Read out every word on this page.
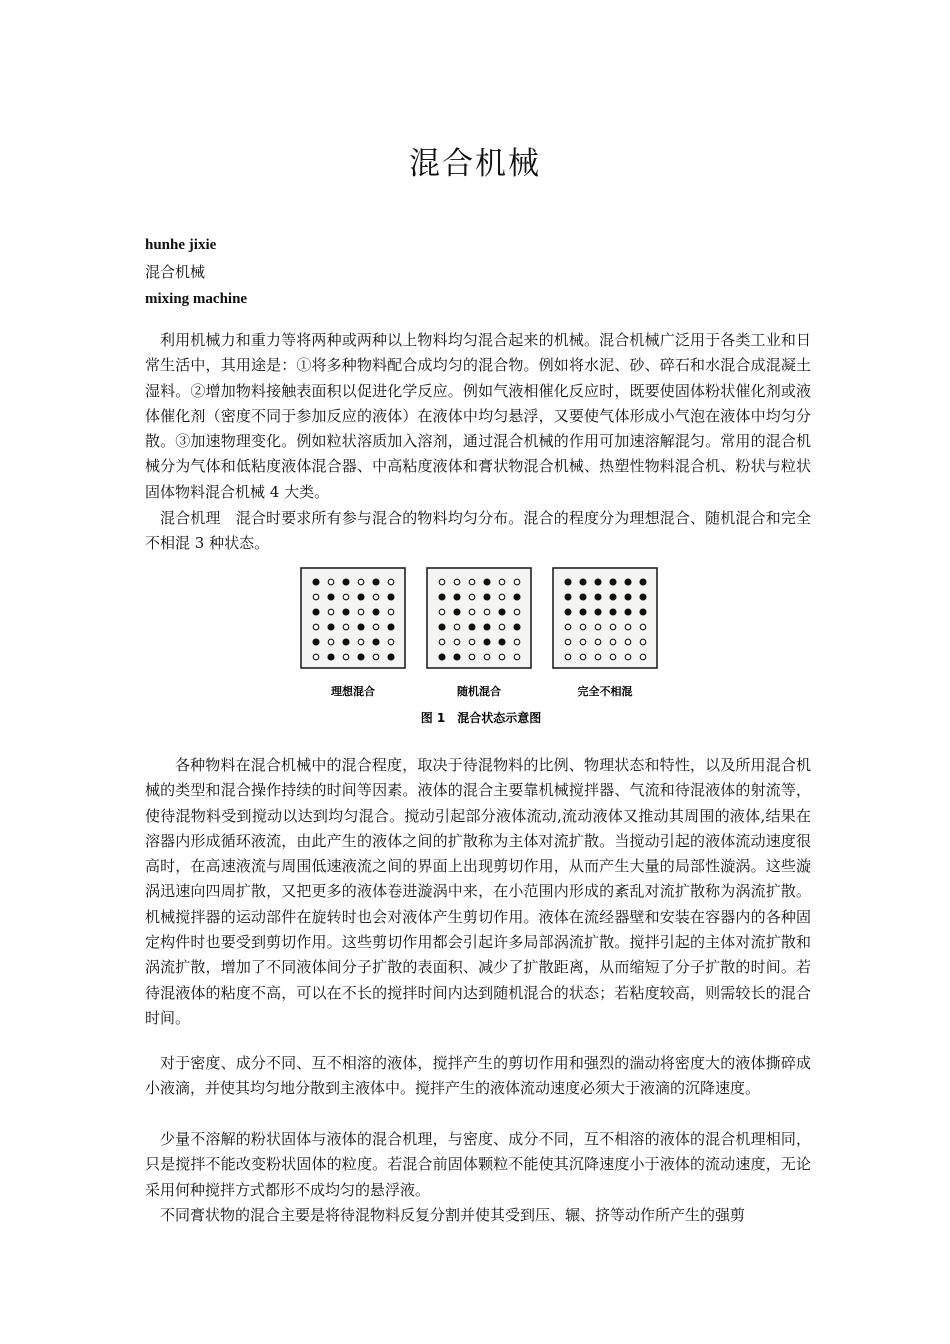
混合机械
hunhe jixie
混合机械
mixing machine

利用机械力和重力等将两种或两种以上物料均匀混合起来的机械。混合机械广泛用于各类工业和日常生活中，其用途是：①将多种物料配合成均匀的混合物。例如将水泥、砂、碎石和水混合成混凝土湿料。②增加物料接触表面积以促进化学反应。例如气液相催化反应时，既要使固体粉状催化剂或液体催化剂（密度不同于参加反应的液体）在液体中均匀悬浮，又要使气体形成小气泡在液体中均匀分散。③加速物理变化。例如粒状溶质加入溶剂，通过混合机械的作用可加速溶解混匀。常用的混合机械分为气体和低粘度液体混合器、中高粘度液体和膏状物混合机械、热塑性物料混合机、粉状与粒状固体物料混合机械 4 大类。

混合机理　混合时要求所有参与混合的物料均匀分布。混合的程度分为理想混合、随机混合和完全不相混 3 种状态。

理想混合	随机混合	完全不相混
图 1　混合状态示意图

各种物料在混合机械中的混合程度，取决于待混物料的比例、物理状态和特性，以及所用混合机械的类型和混合操作持续的时间等因素。液体的混合主要靠机械搅拌器、气流和待混液体的射流等，使待混物料受到搅动以达到均匀混合。搅动引起部分液体流动,流动液体又推动其周围的液体,结果在溶器内形成循环液流，由此产生的液体之间的扩散称为主体对流扩散。当搅动引起的液体流动速度很高时，在高速液流与周围低速液流之间的界面上出现剪切作用，从而产生大量的局部性漩涡。这些漩涡迅速向四周扩散，又把更多的液体卷进漩涡中来，在小范围内形成的紊乱对流扩散称为涡流扩散。机械搅拌器的运动部件在旋转时也会对液体产生剪切作用。液体在流经器壁和安装在容器内的各种固定构件时也要受到剪切作用。这些剪切作用都会引起许多局部涡流扩散。搅拌引起的主体对流扩散和涡流扩散，增加了不同液体间分子扩散的表面积、减少了扩散距离，从而缩短了分子扩散的时间。若待混液体的粘度不高，可以在不长的搅拌时间内达到随机混合的状态；若粘度较高，则需较长的混合时间。

对于密度、成分不同、互不相溶的液体，搅拌产生的剪切作用和强烈的湍动将密度大的液体撕碎成小液滴，并使其均匀地分散到主液体中。搅拌产生的液体流动速度必须大于液滴的沉降速度。

少量不溶解的粉状固体与液体的混合机理，与密度、成分不同，互不相溶的液体的混合机理相同，只是搅拌不能改变粉状固体的粒度。若混合前固体颗粒不能使其沉降速度小于液体的流动速度，无论采用何种搅拌方式都形不成均匀的悬浮液。

不同膏状物的混合主要是将待混物料反复分割并使其受到压、辗、挤等动作所产生的强剪
